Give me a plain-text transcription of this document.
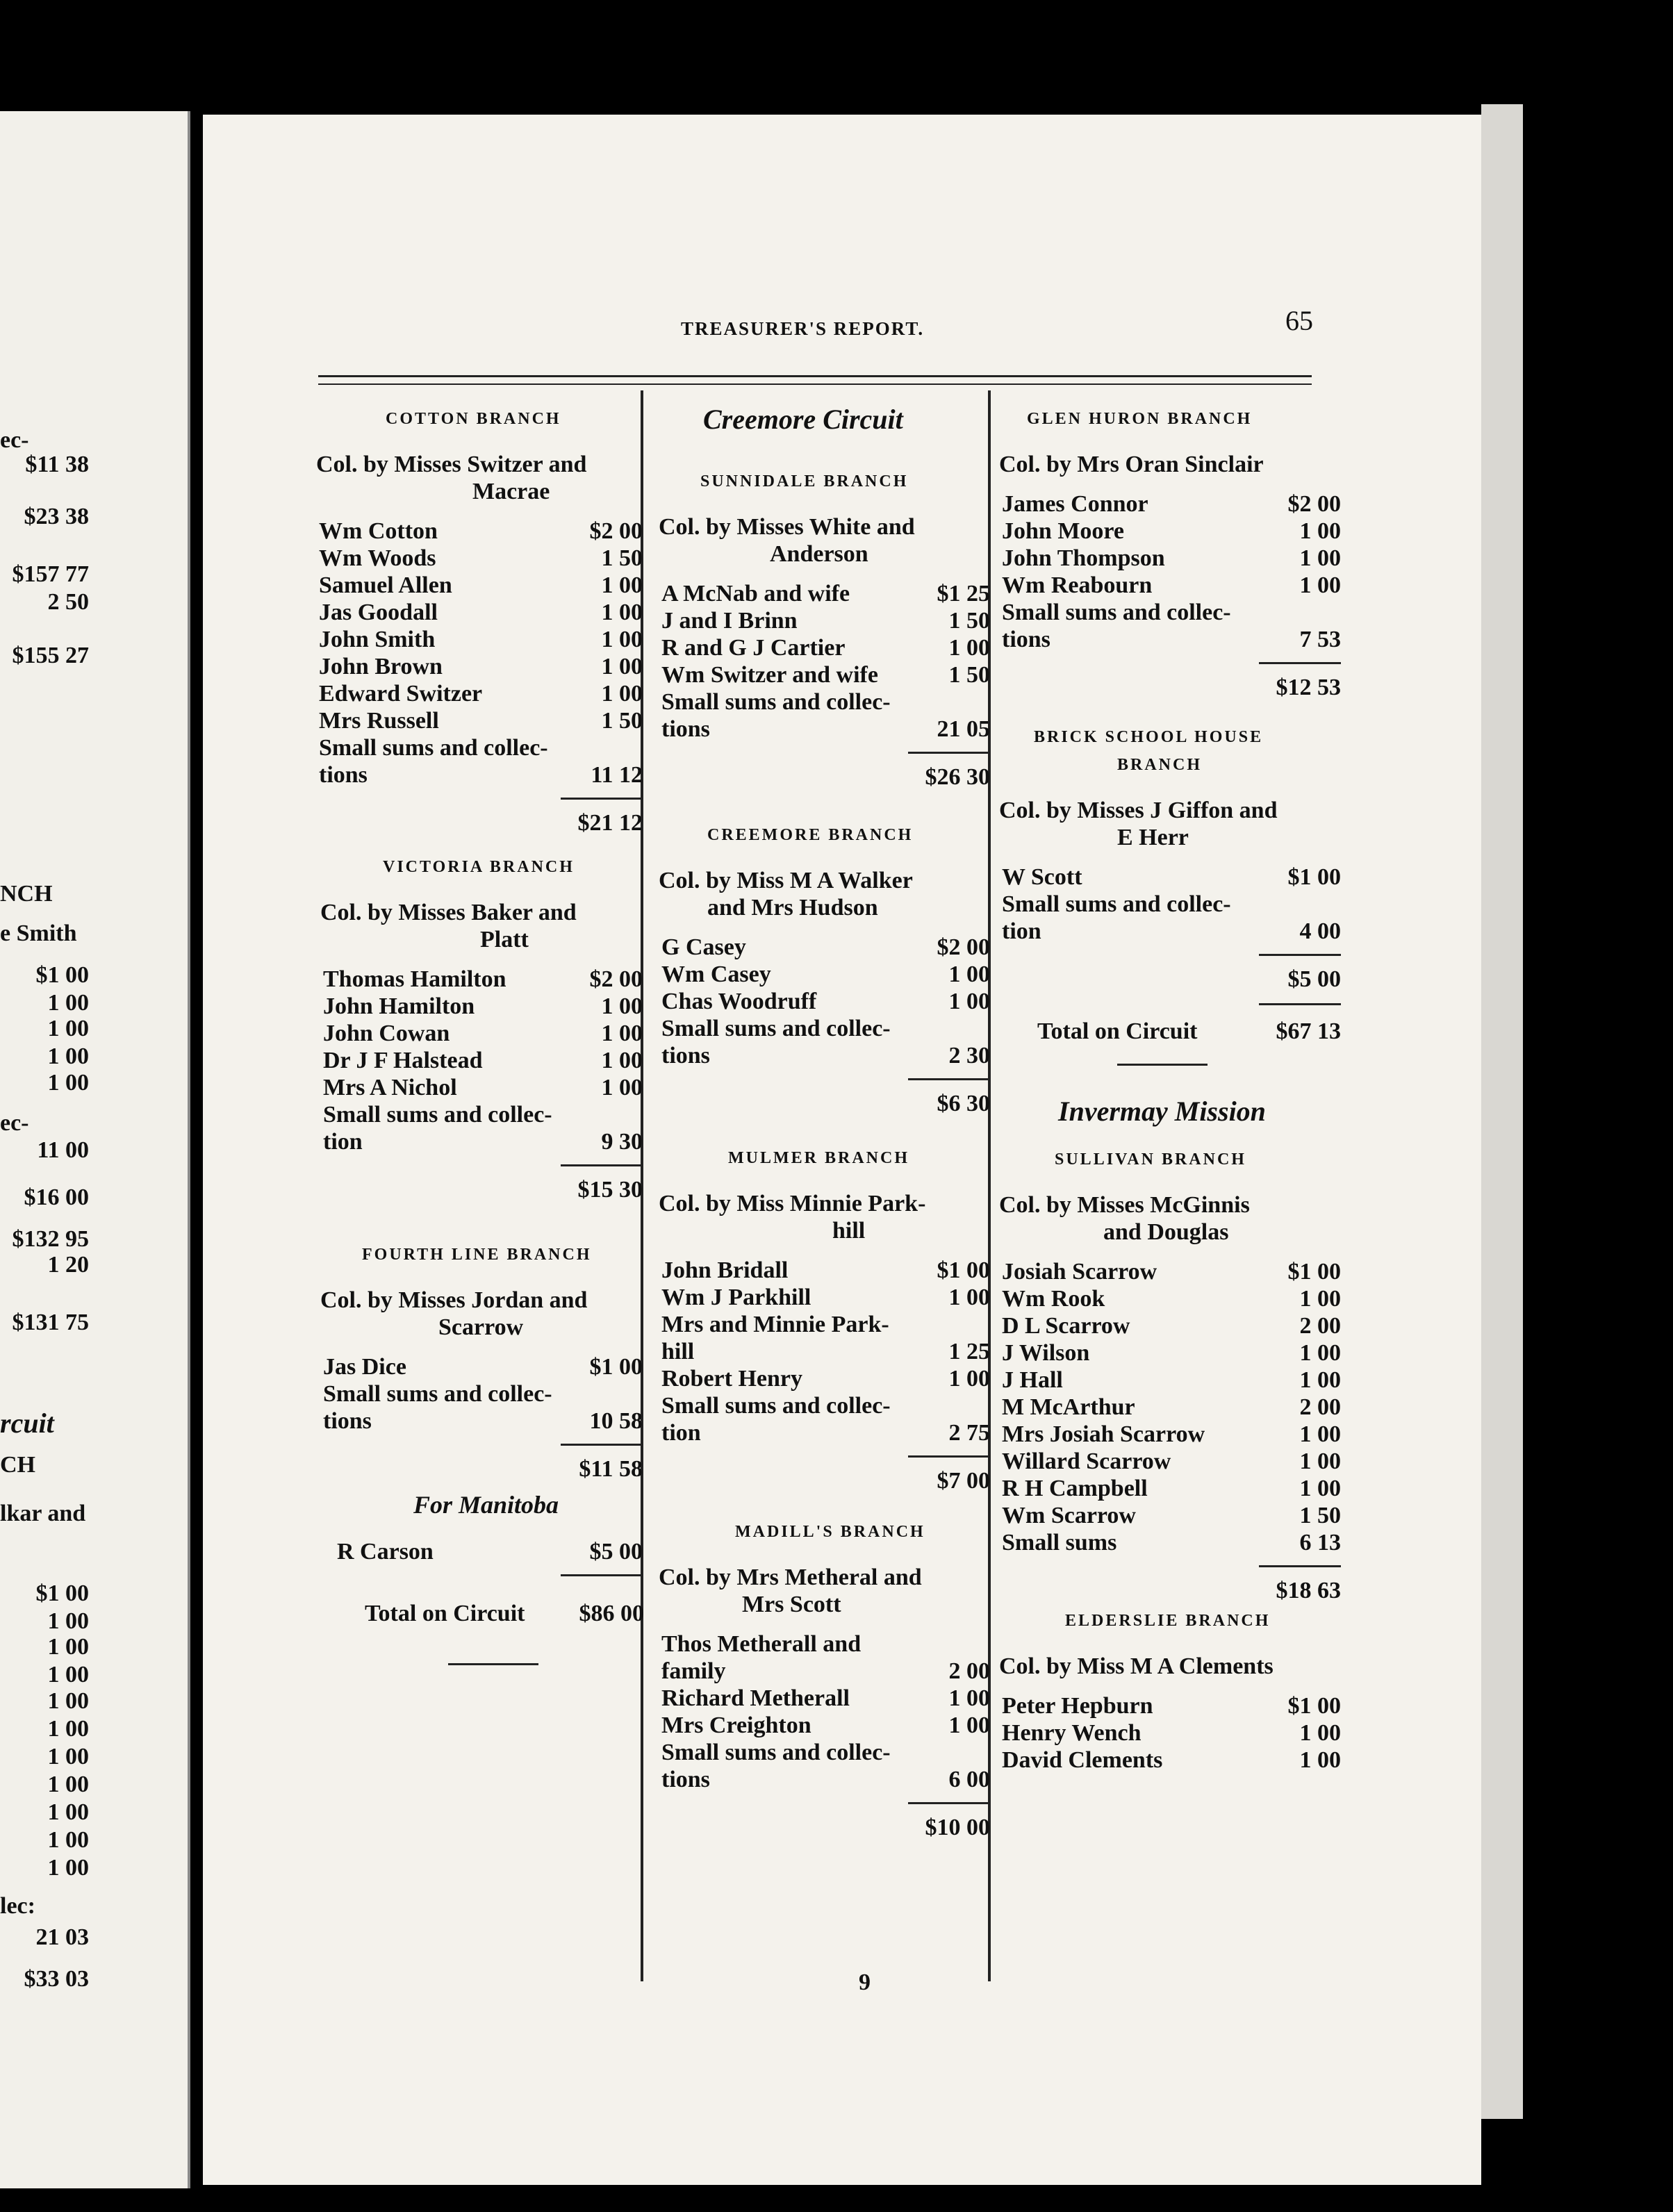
TREASURER'S REPORT.	65
9
ec-
$11 38
$23 38
$157 77
2 50
$155 27
NCH
e Smith
$1 00
1 00
1 00
1 00
1 00
ec-
11 00
$16 00
$132 95
1 20
$131 75
rcuit
CH
lkar and
$1 00
1 00
1 00
1 00
1 00
1 00
1 00
1 00
1 00
1 00
1 00
lec:
21 03
$33 03
COTTON BRANCH
Col. by Misses Switzer and
Macrae
Wm Cotton	$2 00
Wm Woods	1 50
Samuel Allen	1 00
Jas Goodall	1 00
John Smith	1 00
John Brown	1 00
Edward Switzer	1 00
Mrs Russell	1 50
Small sums and collec-
tions	11 12
$21 12
VICTORIA BRANCH
Col. by Misses Baker and
Platt
Thomas Hamilton	$2 00
John Hamilton	1 00
John Cowan	1 00
Dr J F Halstead	1 00
Mrs A Nichol	1 00
Small sums and collec-
tion	9 30
$15 30
FOURTH LINE BRANCH
Col. by Misses Jordan and
Scarrow
Jas Dice	$1 00
Small sums and collec-
tions	10 58
$11 58
For Manitoba
R Carson	$5 00
Total on Circuit $86 00
Creemore Circuit
SUNNIDALE BRANCH
Col. by Misses White and
Anderson
A McNab and wife	$1 25
J and I Brinn	1 50
R and G J Cartier	1 00
Wm Switzer and wife	1 50
Small sums and collec-
tions	21 05
$26 30
CREEMORE BRANCH
Col. by Miss M A Walker
and Mrs Hudson
G Casey	$2 00
Wm Casey	1 00
Chas Woodruff	1 00
Small sums and collec-
tions	2 30
$6 30
MULMER BRANCH
Col. by Miss Minnie Park-
hill
John Bridall	$1 00
Wm J Parkhill	1 00
Mrs and Minnie Park-
hill	1 25
Robert Henry	1 00
Small sums and collec-
tion	2 75
$7 00
MADILL'S BRANCH
Col. by Mrs Metheral and
Mrs Scott
Thos Metherall and
family	2 00
Richard Metherall	1 00
Mrs Creighton	1 00
Small sums and collec-
tions	6 00
$10 00
GLEN HURON BRANCH
Col. by Mrs Oran Sinclair
James Connor	$2 00
John Moore	1 00
John Thompson	1 00
Wm Reabourn	1 00
Small sums and collec-
tions	7 53
$12 53
BRICK SCHOOL HOUSE
BRANCH
Col. by Misses J Giffon and
E Herr
W Scott	$1 00
Small sums and collec-
tion	4 00
$5 00
Total on Circuit	$67 13
Invermay Mission
SULLIVAN BRANCH
Col. by Misses McGinnis
and Douglas
Josiah Scarrow	$1 00
Wm Rook	1 00
D L Scarrow	2 00
J Wilson	1 00
J Hall	1 00
M McArthur	2 00
Mrs Josiah Scarrow	1 00
Willard Scarrow	1 00
R H Campbell	1 00
Wm Scarrow	1 50
Small sums	6 13
$18 63
ELDERSLIE BRANCH
Col. by Miss M A Clements
Peter Hepburn	$1 00
Henry Wench	1 00
David Clements	1 00
